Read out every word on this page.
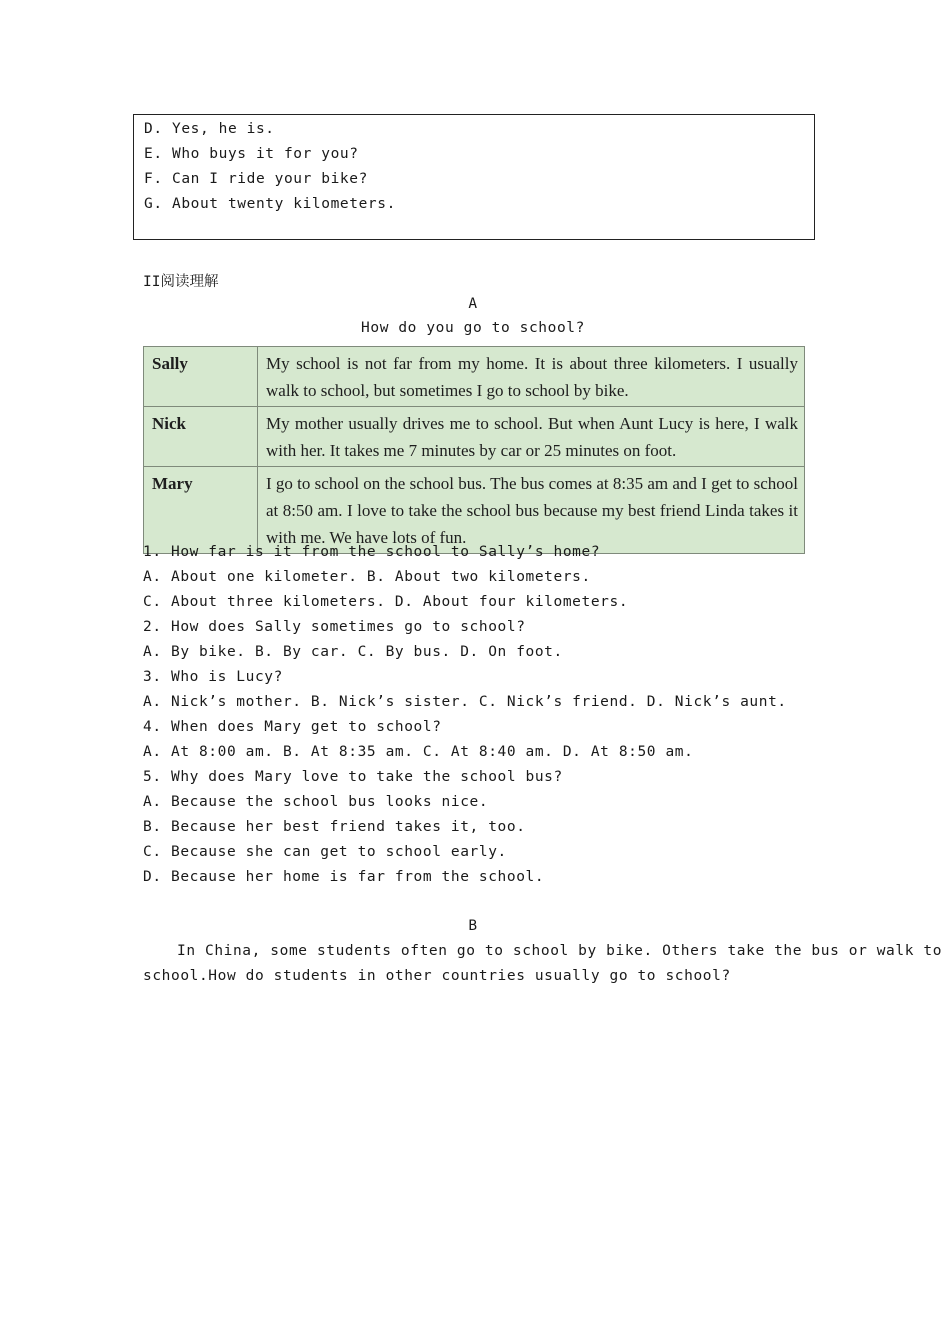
D. Yes, he is.
E. Who buys it for you?
F. Can I ride your bike?
G. About twenty kilometers.
II阅读理解
A
How do you go to school?
Sally	My school is not far from my home. It is about three kilometers. I usually walk to school, but sometimes I go to school by bike.
Nick	My mother usually drives me to school. But when Aunt Lucy is here, I walk with her. It takes me 7 minutes by car or 25 minutes on foot.
Mary	I go to school on the school bus. The bus comes at 8:35 am and I get to school at 8:50 am. I love to take the school bus because my best friend Linda takes it with me. We have lots of fun.
1. How far is it from the school to Sally’s home?
A. About one kilometer. B. About two kilometers.
C. About three kilometers. D. About four kilometers.
2. How does Sally sometimes go to school?
A. By bike. B. By car. C. By bus. D. On foot.
3. Who is Lucy?
A. Nick’s mother. B. Nick’s sister. C. Nick’s friend. D. Nick’s aunt.
4. When does Mary get to school?
A. At 8:00 am. B. At 8:35 am. C. At 8:40 am. D. At 8:50 am.
5. Why does Mary love to take the school bus?
A. Because the school bus looks nice.
B. Because her best friend takes it, too.
C. Because she can get to school early.
D. Because her home is far from the school.
B
In China, some students often go to school by bike. Others take the bus or walk to school.How do students in other countries usually go to school?
